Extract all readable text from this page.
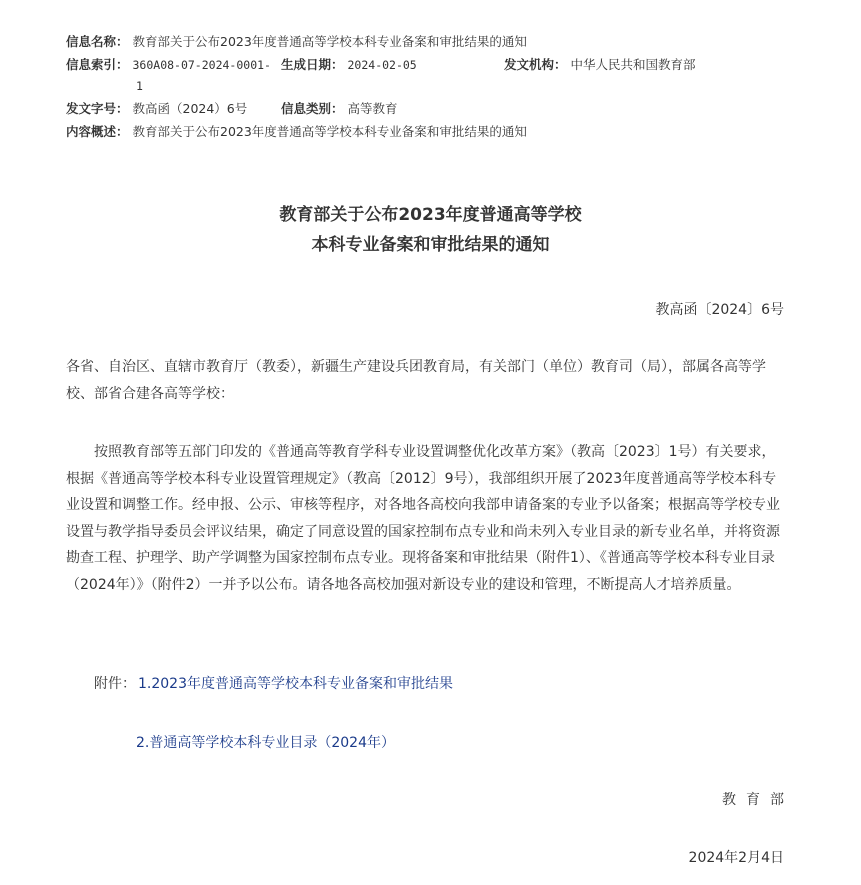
信息名称： 教育部关于公布2023年度普通高等学校本科专业备案和审批结果的通知
信息索引： 360A08-07-2024-0001- 生成日期： 2024-02-05	发文机构： 中华人民共和国教育部
1
发文字号： 教高函（2024）6号	信息类别： 高等教育
内容概述： 教育部关于公布2023年度普通高等学校本科专业备案和审批结果的通知
教育部关于公布2023年度普通高等学校
本科专业备案和审批结果的通知
教高函〔2024〕6号

各省、自治区、直辖市教育厅（教委），新疆生产建设兵团教育局，有关部门（单位）教育司（局），部属各高等学校、部省合建各高等学校：

按照教育部等五部门印发的《普通高等教育学科专业设置调整优化改革方案》（教高〔2023〕1号）有关要求，根据《普通高等学校本科专业设置管理规定》（教高〔2012〕9号），我部组织开展了2023年度普通高等学校本科专业设置和调整工作。经申报、公示、审核等程序，对各地各高校向我部申请备案的专业予以备案；根据高等学校专业设置与教学指导委员会评议结果，确定了同意设置的国家控制布点专业和尚未列入专业目录的新专业名单，并将资源勘查工程、护理学、助产学调整为国家控制布点专业。现将备案和审批结果（附件1）、《普通高等学校本科专业目录（2024年）》（附件2）一并予以公布。请各地各高校加强对新设专业的建设和管理，不断提高人才培养质量。

附件： 1.2023年度普通高等学校本科专业备案和审批结果
2.普通高等学校本科专业目录（2024年）
教育部
2024年2月4日
